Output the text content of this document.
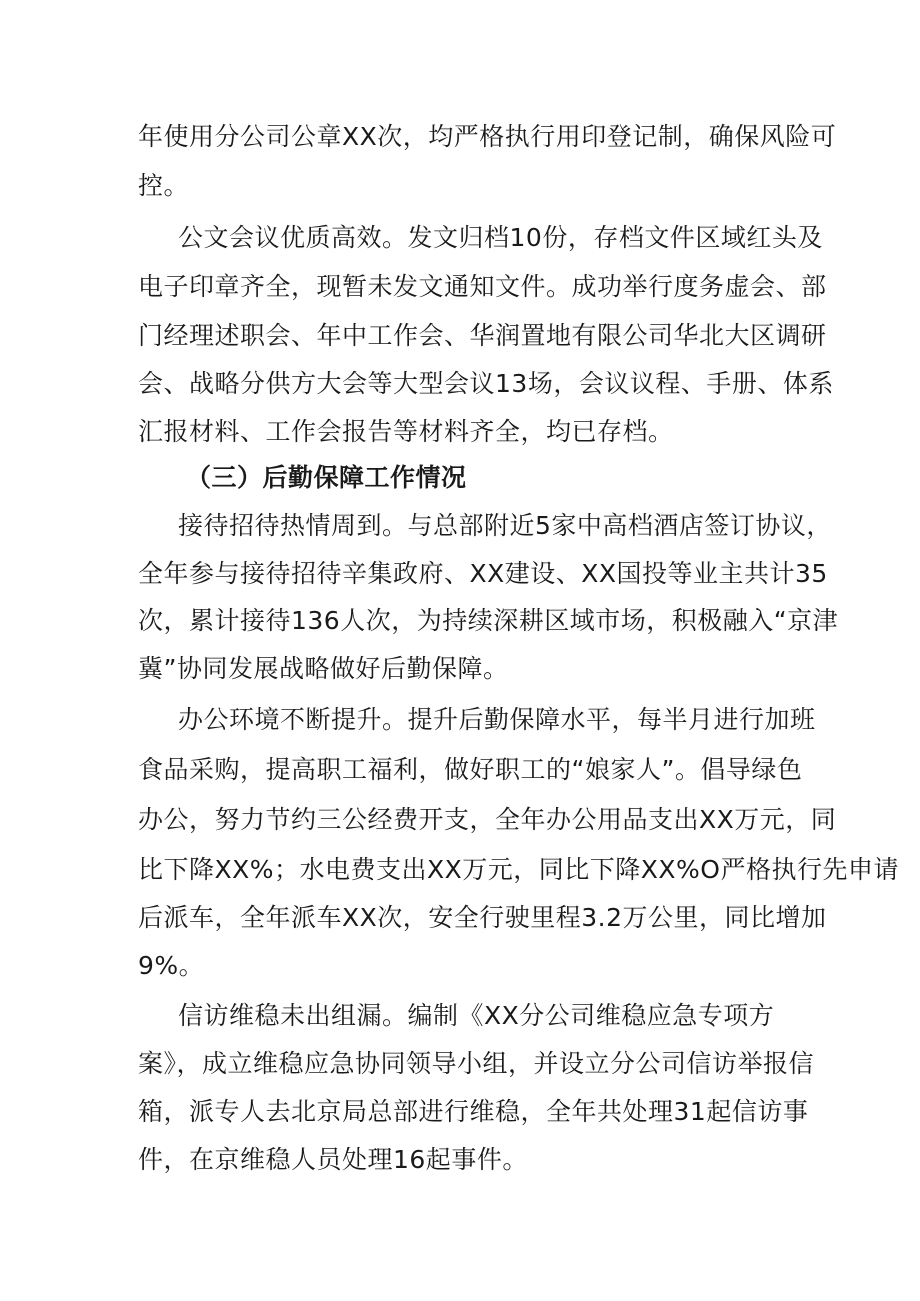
年使用分公司公章XX次，均严格执行用印登记制，确保风险可
控。
公文会议优质高效。发文归档10份，存档文件区域红头及
电子印章齐全，现暂未发文通知文件。成功举行度务虚会、部
门经理述职会、年中工作会、华润置地有限公司华北大区调研
会、战略分供方大会等大型会议13场，会议议程、手册、体系
汇报材料、工作会报告等材料齐全，均已存档。
（三）后勤保障工作情况
接待招待热情周到。与总部附近5家中高档酒店签订协议，
全年参与接待招待辛集政府、XX建设、XX国投等业主共计35
次，累计接待136人次，为持续深耕区域市场，积极融入“京津
冀”协同发展战略做好后勤保障。
办公环境不断提升。提升后勤保障水平，每半月进行加班
食品采购，提高职工福利，做好职工的“娘家人”。倡导绿色
办公，努力节约三公经费开支，全年办公用品支出XX万元，同
比下降XX%；水电费支出XX万元，同比下降XX%O严格执行先申请
后派车，全年派车XX次，安全行驶里程3.2万公里，同比增加
9%。
信访维稳未出组漏。编制《XX分公司维稳应急专项方
案》，成立维稳应急协同领导小组，并设立分公司信访举报信
箱，派专人去北京局总部进行维稳，全年共处理31起信访事
件，在京维稳人员处理16起事件。
